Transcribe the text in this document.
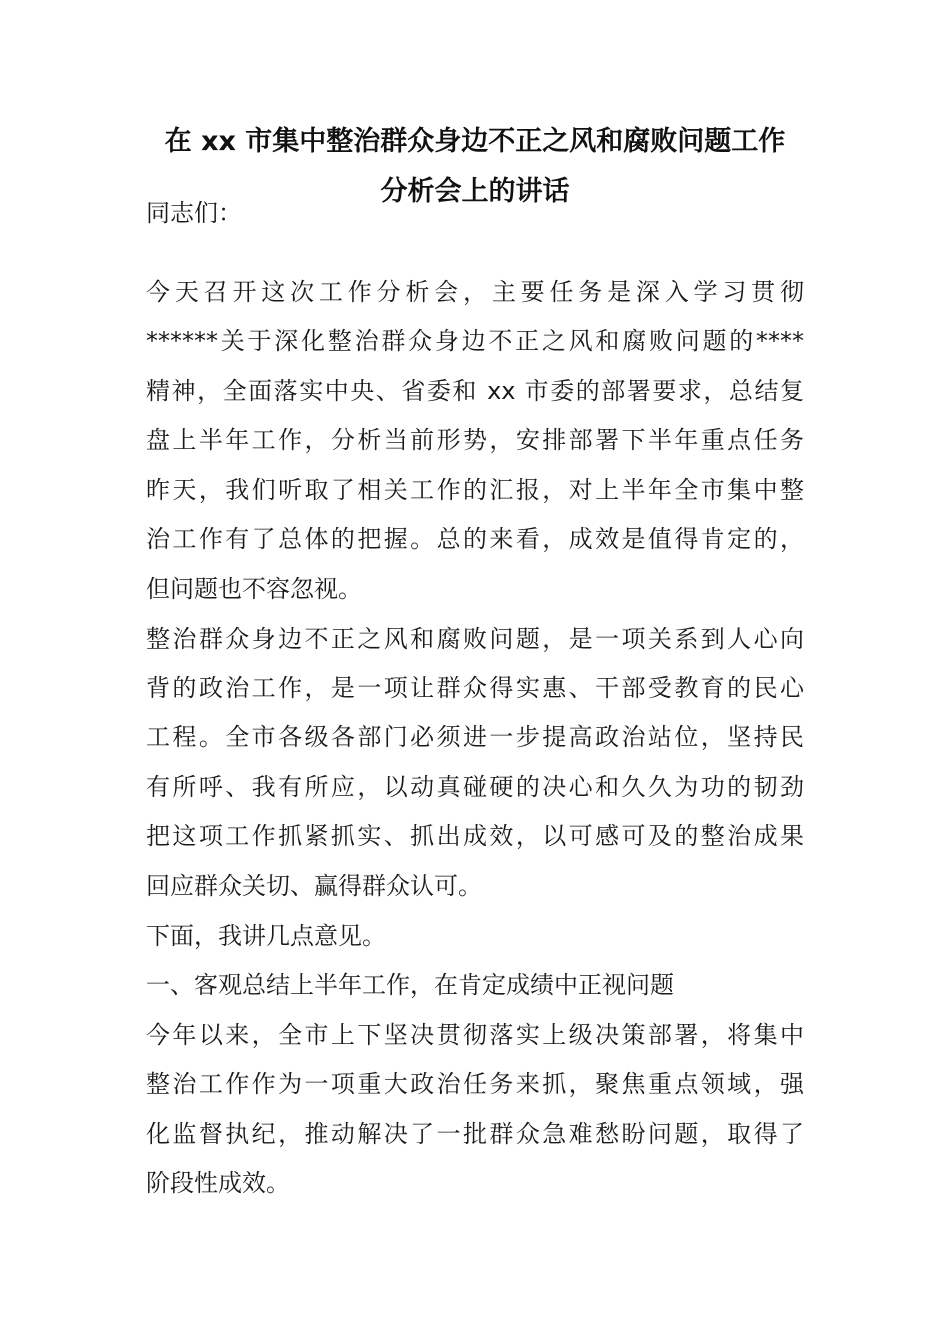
在 xx 市集中整治群众身边不正之风和腐败问题工作
分析会上的讲话
同志们：
今天召开这次工作分析会，主要任务是深入学习贯彻
******关于深化整治群众身边不正之风和腐败问题的****
精神，全面落实中央、省委和 xx 市委的部署要求，总结复
盘上半年工作，分析当前形势，安排部署下半年重点任务
昨天，我们听取了相关工作的汇报，对上半年全市集中整
治工作有了总体的把握。总的来看，成效是值得肯定的，
但问题也不容忽视。
整治群众身边不正之风和腐败问题，是一项关系到人心向
背的政治工作，是一项让群众得实惠、干部受教育的民心
工程。全市各级各部门必须进一步提高政治站位，坚持民
有所呼、我有所应，以动真碰硬的决心和久久为功的韧劲
把这项工作抓紧抓实、抓出成效，以可感可及的整治成果
回应群众关切、赢得群众认可。
下面，我讲几点意见。
一、客观总结上半年工作，在肯定成绩中正视问题
今年以来，全市上下坚决贯彻落实上级决策部署，将集中
整治工作作为一项重大政治任务来抓，聚焦重点领域，强
化监督执纪，推动解决了一批群众急难愁盼问题，取得了
阶段性成效。
